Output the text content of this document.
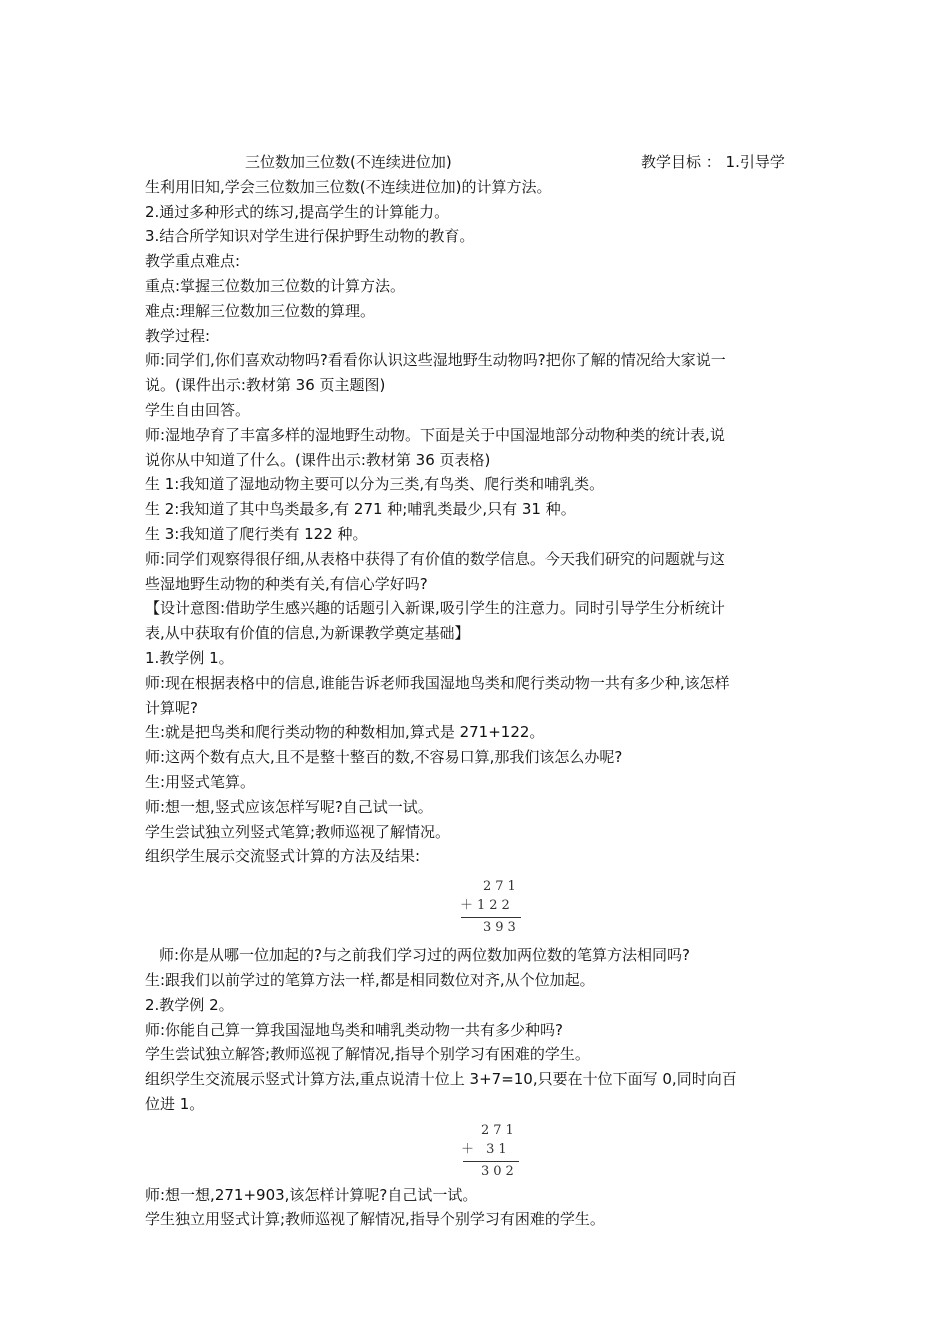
三位数加三位数(不连续进位加)	教学目标 ： 1.引导学
生利用旧知,学会三位数加三位数(不连续进位加)的计算方法。
2.通过多种形式的练习,提高学生的计算能力。
3.结合所学知识对学生进行保护野生动物的教育。
教学重点难点:
重点:掌握三位数加三位数的计算方法。
难点:理解三位数加三位数的算理。
教学过程:
师:同学们,你们喜欢动物吗?看看你认识这些湿地野生动物吗?把你了解的情况给大家说一
说。(课件出示:教材第 36 页主题图)
学生自由回答。
师:湿地孕育了丰富多样的湿地野生动物。下面是关于中国湿地部分动物种类的统计表,说
说你从中知道了什么。(课件出示:教材第 36 页表格)
生 1:我知道了湿地动物主要可以分为三类,有鸟类、爬行类和哺乳类。
生 2:我知道了其中鸟类最多,有 271 种;哺乳类最少,只有 31 种。
生 3:我知道了爬行类有 122 种。
师:同学们观察得很仔细,从表格中获得了有价值的数学信息。今天我们研究的问题就与这
些湿地野生动物的种类有关,有信心学好吗?
【设计意图:借助学生感兴趣的话题引入新课,吸引学生的注意力。同时引导学生分析统计
表,从中获取有价值的信息,为新课教学奠定基础】
1.教学例 1。
师:现在根据表格中的信息,谁能告诉老师我国湿地鸟类和爬行类动物一共有多少种,该怎样
计算呢?
生:就是把鸟类和爬行类动物的种数相加,算式是 271+122。
师:这两个数有点大,且不是整十整百的数,不容易口算,那我们该怎么办呢?
生:用竖式笔算。
师:想一想,竖式应该怎样写呢?自己试一试。
学生尝试独立列竖式笔算;教师巡视了解情况。
组织学生展示交流竖式计算的方法及结果:
271
＋122
393
师:你是从哪一位加起的?与之前我们学习过的两位数加两位数的笔算方法相同吗?
生:跟我们以前学过的笔算方法一样,都是相同数位对齐,从个位加起。
2.教学例 2。
师:你能自己算一算我国湿地鸟类和哺乳类动物一共有多少种吗?
学生尝试独立解答;教师巡视了解情况,指导个别学习有困难的学生。
组织学生交流展示竖式计算方法,重点说清十位上 3+7=10,只要在十位下面写 0,同时向百
位进 1。
271
＋ 31
302
师:想一想,271+903,该怎样计算呢?自己试一试。
学生独立用竖式计算;教师巡视了解情况,指导个别学习有困难的学生。
